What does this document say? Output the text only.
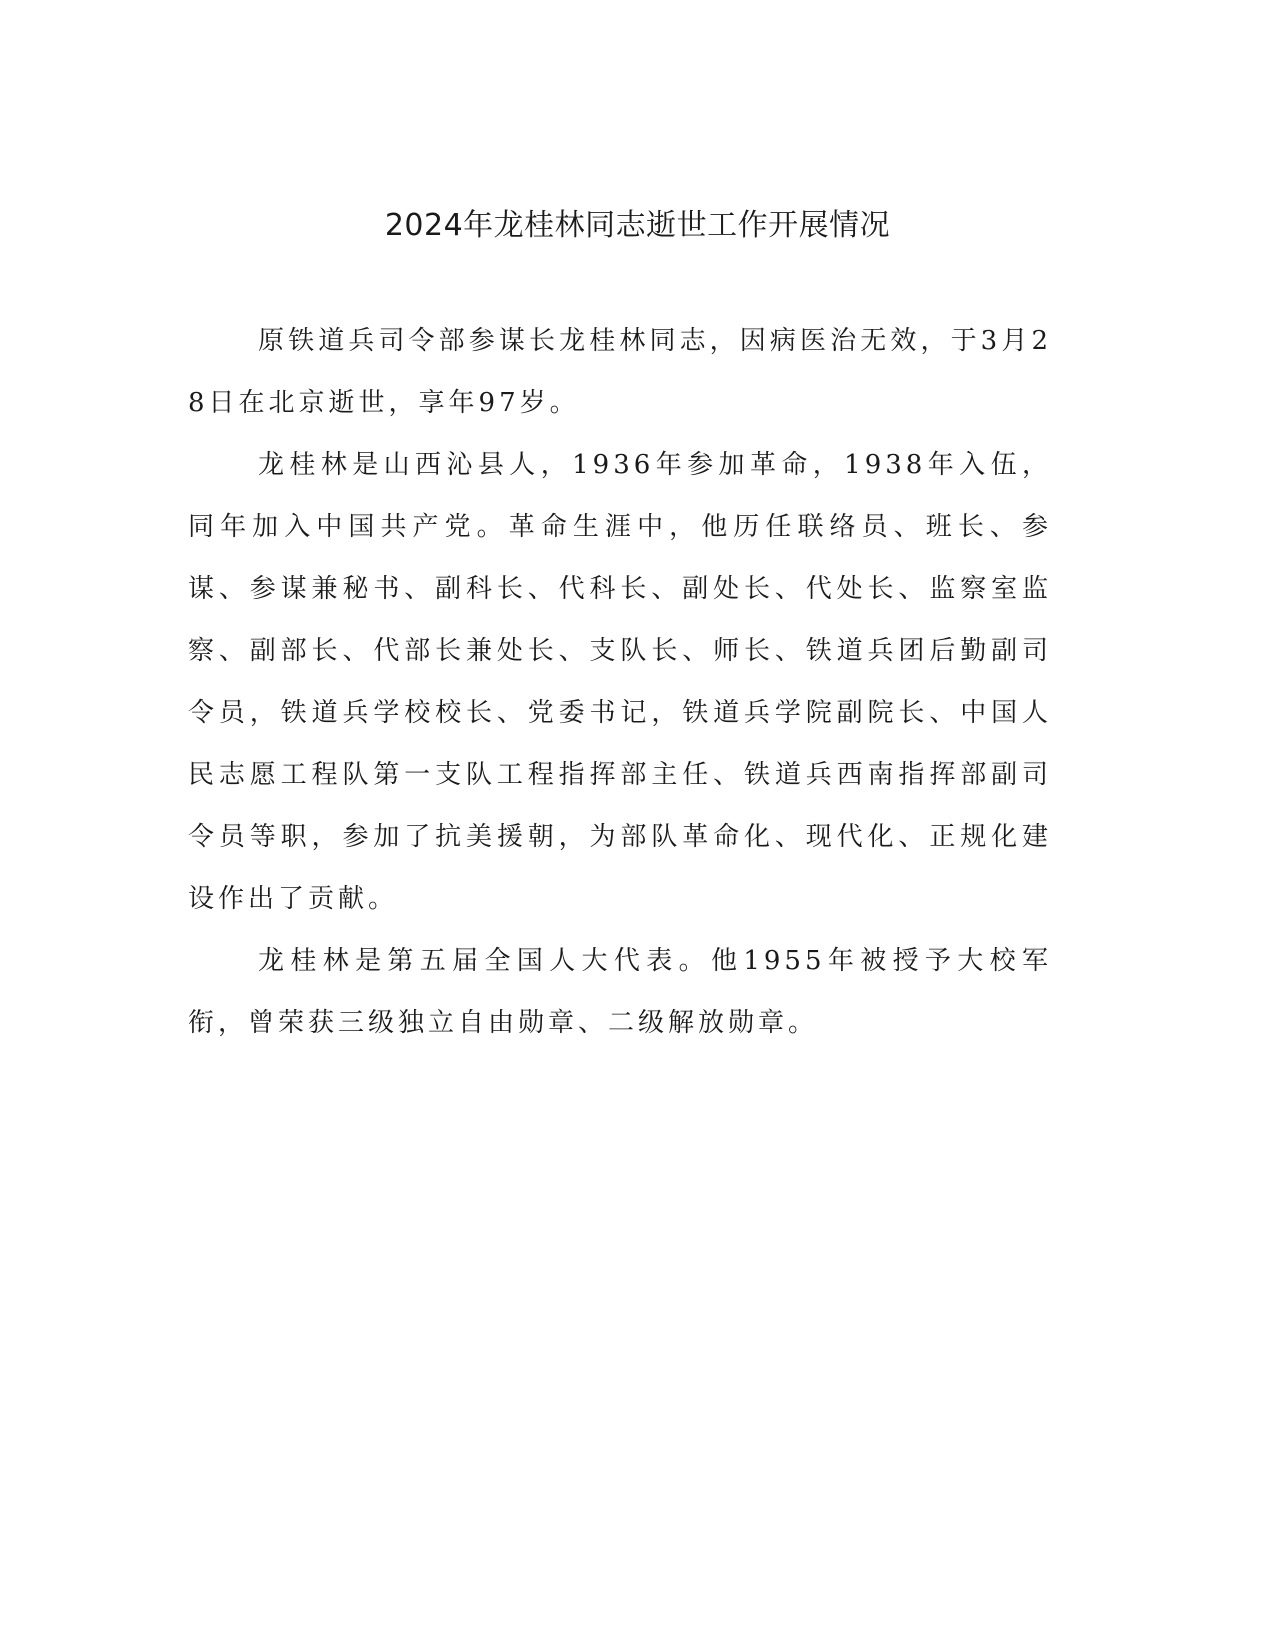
2024年龙桂林同志逝世工作开展情况

原铁道兵司令部参谋长龙桂林同志，因病医治无效，于3月28日在北京逝世，享年97岁。

龙桂林是山西沁县人，1936年参加革命，1938年入伍，同年加入中国共产党。革命生涯中，他历任联络员、班长、参谋、参谋兼秘书、副科长、代科长、副处长、代处长、监察室监察、副部长、代部长兼处长、支队长、师长、铁道兵团后勤副司令员，铁道兵学校校长、党委书记，铁道兵学院副院长、中国人民志愿工程队第一支队工程指挥部主任、铁道兵西南指挥部副司令员等职，参加了抗美援朝，为部队革命化、现代化、正规化建设作出了贡献。

龙桂林是第五届全国人大代表。他1955年被授予大校军衔，曾荣获三级独立自由勋章、二级解放勋章。
